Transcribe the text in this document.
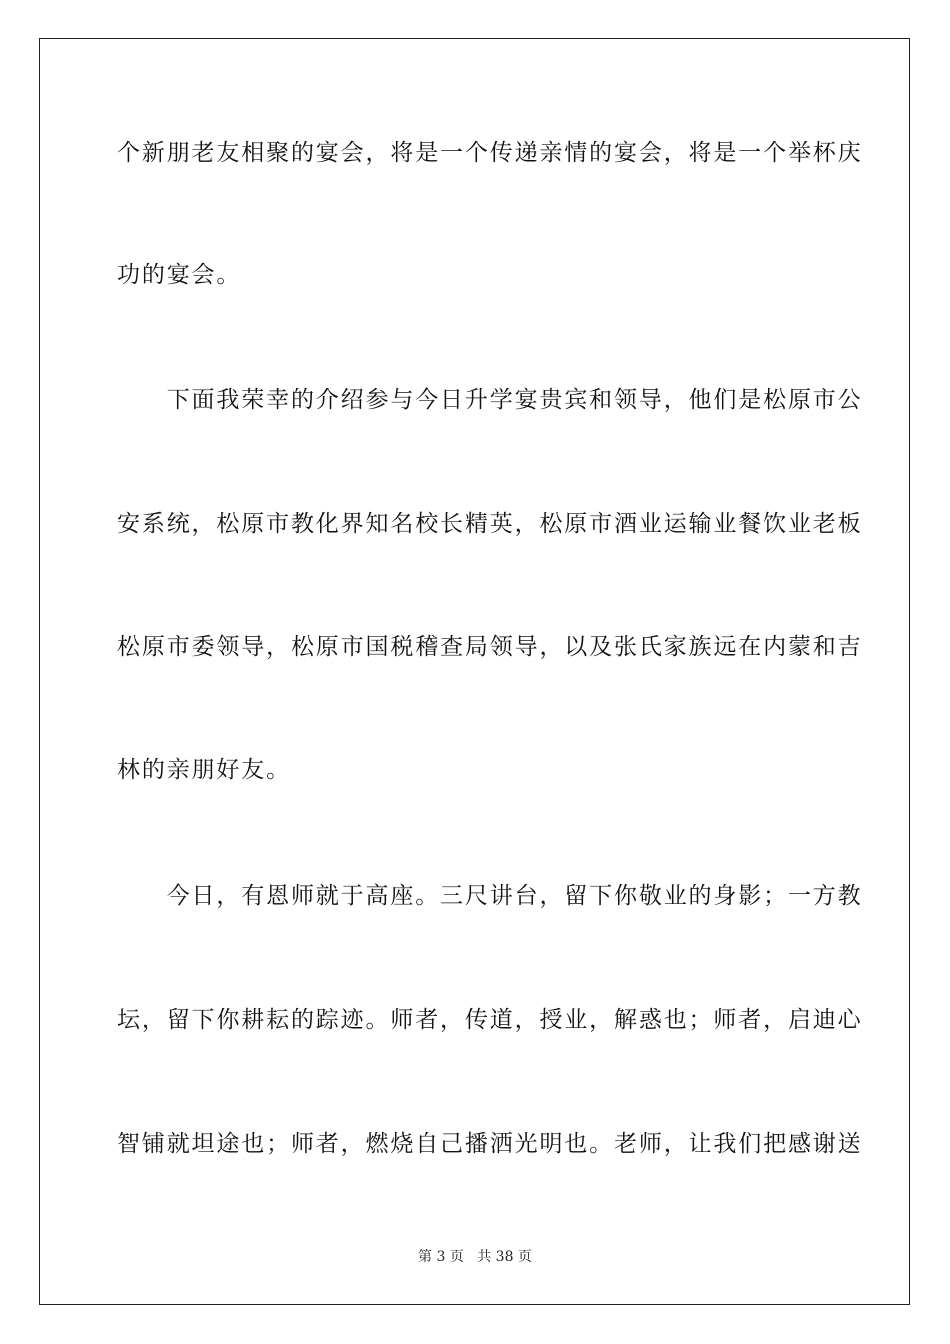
个新朋老友相聚的宴会，将是一个传递亲情的宴会，将是一个举杯庆
功的宴会。
　　下面我荣幸的介绍参与今日升学宴贵宾和领导，他们是松原市公
安系统，松原市教化界知名校长精英，松原市酒业运输业餐饮业老板
松原市委领导，松原市国税稽查局领导，以及张氏家族远在内蒙和吉
林的亲朋好友。
　　今日，有恩师就于高座。三尺讲台，留下你敬业的身影；一方教
坛，留下你耕耘的踪迹。师者，传道，授业，解惑也；师者，启迪心
智铺就坦途也；师者，燃烧自己播洒光明也。老师，让我们把感谢送
第 3 页 共 38 页
